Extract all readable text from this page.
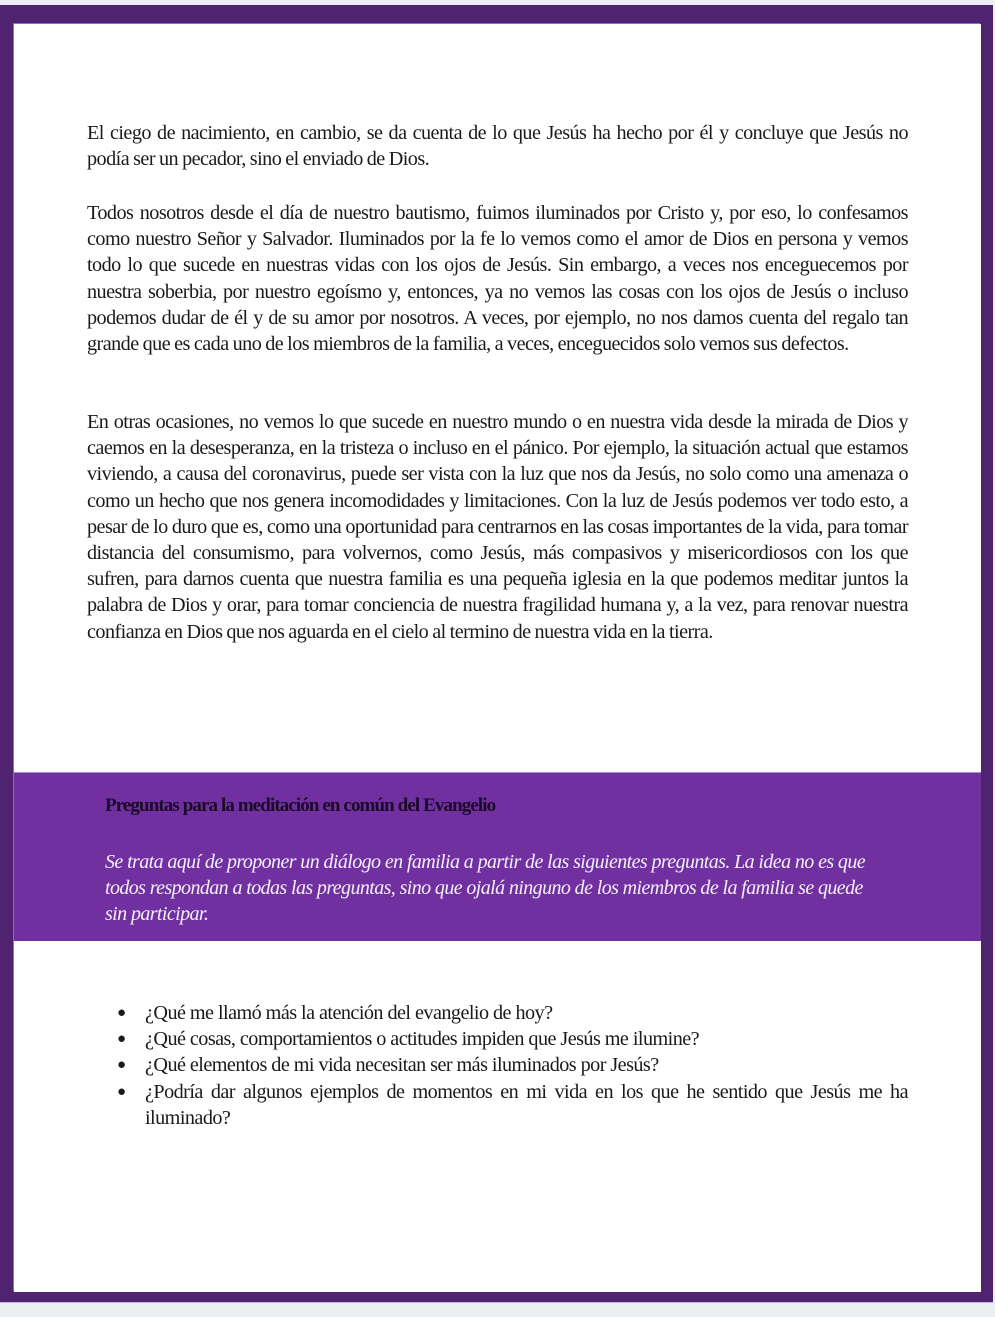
El ciego de nacimiento, en cambio, se da cuenta de lo que Jesús ha hecho por él y concluye que Jesús no podía ser un pecador, sino el enviado de Dios.

Todos nosotros desde el día de nuestro bautismo, fuimos iluminados por Cristo y, por eso, lo confesamos como nuestro Señor y Salvador. Iluminados por la fe lo vemos como el amor de Dios en persona y vemos todo lo que sucede en nuestras vidas con los ojos de Jesús. Sin embargo, a veces nos enceguecemos por nuestra soberbia, por nuestro egoísmo y, entonces, ya no vemos las cosas con los ojos de Jesús o incluso podemos dudar de él y de su amor por nosotros. A veces, por ejemplo, no nos damos cuenta del regalo tan grande que es cada uno de los miembros de la familia, a veces, enceguecidos solo vemos sus defectos.

En otras ocasiones, no vemos lo que sucede en nuestro mundo o en nuestra vida desde la mirada de Dios y caemos en la desesperanza, en la tristeza o incluso en el pánico. Por ejemplo, la situación actual que estamos viviendo, a causa del coronavirus, puede ser vista con la luz que nos da Jesús, no solo como una amenaza o como un hecho que nos genera incomodidades y limitaciones. Con la luz de Jesús podemos ver todo esto, a pesar de lo duro que es, como una oportunidad para centrarnos en las cosas importantes de la vida, para tomar distancia del consumismo, para volvernos, como Jesús, más compasivos y misericordiosos con los que sufren, para darnos cuenta que nuestra familia es una pequeña iglesia en la que podemos meditar juntos la palabra de Dios y orar, para tomar conciencia de nuestra fragilidad humana y, a la vez, para renovar nuestra confianza en Dios que nos aguarda en el cielo al termino de nuestra vida en la tierra.

Preguntas para la meditación en común del Evangelio

Se trata aquí de proponer un diálogo en familia a partir de las siguientes preguntas. La idea no es que todos respondan a todas las preguntas, sino que ojalá ninguno de los miembros de la familia se quede sin participar.

● ¿Qué me llamó más la atención del evangelio de hoy?
● ¿Qué cosas, comportamientos o actitudes impiden que Jesús me ilumine?
● ¿Qué elementos de mi vida necesitan ser más iluminados por Jesús?
● ¿Podría dar algunos ejemplos de momentos en mi vida en los que he sentido que Jesús me ha iluminado?
